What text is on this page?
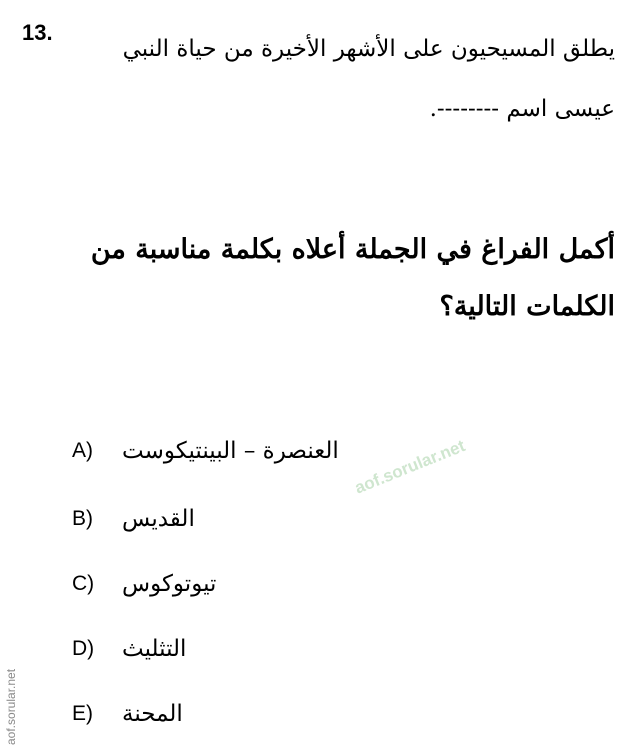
13.
يطلق المسيحيون على الأشهر الأخيرة من حياة النبي
عيسى اسم --------.
أكمل الفراغ في الجملة أعلاه بكلمة مناسبة من
الكلمات التالية؟
A)	العنصرة – البينتيكوست
B)	القديس
C)	تيوتوكوس
D)	التثليث
E)	المحنة
aof.sorular.net
aof.sorular.net
